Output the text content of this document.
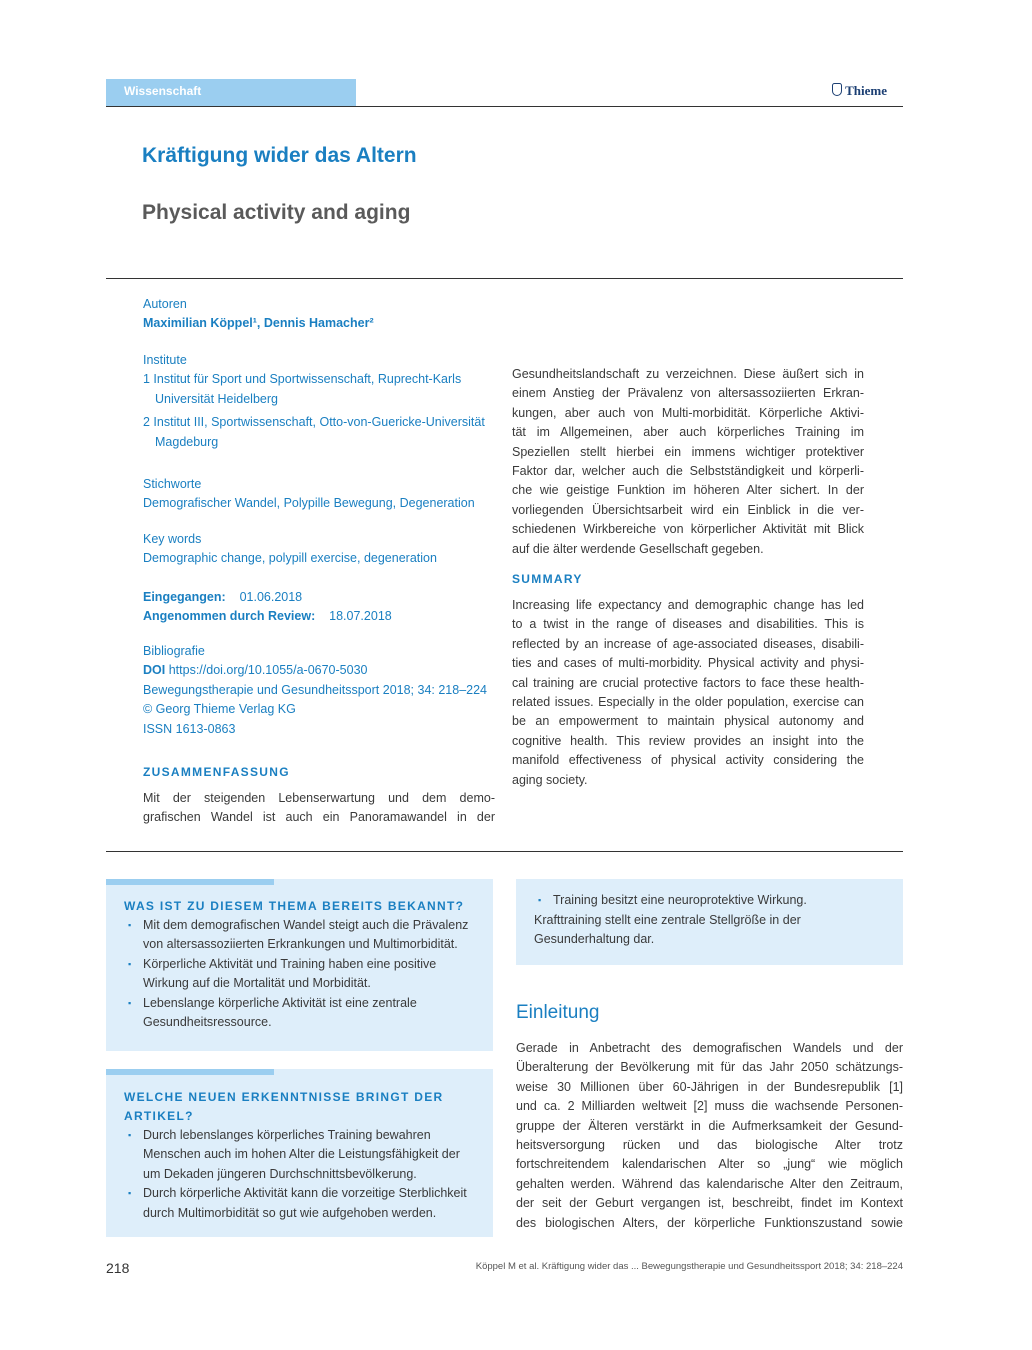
Wissenschaft	Thieme
Kräftigung wider das Altern
Physical activity and aging
Autoren
Maximilian Köppel¹, Dennis Hamacher²
Institute
1 Institut für Sport und Sportwissenschaft, Ruprecht-Karls Universität Heidelberg
2 Institut III, Sportwissenschaft, Otto-von-Guericke-Universität Magdeburg
Stichworte
Demografischer Wandel, Polypille Bewegung, Degeneration
Key words
Demographic change, polypill exercise, degeneration
Eingegangen: 01.06.2018
Angenommen durch Review: 18.07.2018
Bibliografie
DOI https://doi.org/10.1055/a-0670-5030
Bewegungstherapie und Gesundheitssport 2018; 34: 218–224
© Georg Thieme Verlag KG
ISSN 1613-0863
ZUSAMMENFASSUNG
Mit der steigenden Lebenserwartung und dem demo-
grafischen Wandel ist auch ein Panoramawandel in der
Gesundheitslandschaft zu verzeichnen. Diese äußert sich in
einem Anstieg der Prävalenz von altersassoziierten Erkran-
kungen, aber auch von Multi-morbidität. Körperliche Aktivi-
tät im Allgemeinen, aber auch körperliches Training im
Speziellen stellt hierbei ein immens wichtiger protektiver
Faktor dar, welcher auch die Selbstständigkeit und körperli-
che wie geistige Funktion im höheren Alter sichert. In der
vorliegenden Übersichtsarbeit wird ein Einblick in die ver-
schiedenen Wirkbereiche von körperlicher Aktivität mit Blick
auf die älter werdende Gesellschaft gegeben.
SUMMARY
Increasing life expectancy and demographic change has led
to a twist in the range of diseases and disabilities. This is
reflected by an increase of age-associated diseases, disabili-
ties and cases of multi-morbidity. Physical activity and physi-
cal training are crucial protective factors to face these health-
related issues. Especially in the older population, exercise can
be an empowerment to maintain physical autonomy and
cognitive health. This review provides an insight into the
manifold effectiveness of physical activity considering the
aging society.
WAS IST ZU DIESEM THEMA BEREITS BEKANNT?
▪ Mit dem demografischen Wandel steigt auch die Prävalenz von altersassoziierten Erkrankungen und Multimorbidität.
▪ Körperliche Aktivität und Training haben eine positive Wirkung auf die Mortalität und Morbidität.
▪ Lebenslange körperliche Aktivität ist eine zentrale Gesundheitsressource.
WELCHE NEUEN ERKENNTNISSE BRINGT DER ARTIKEL?
▪ Durch lebenslanges körperliches Training bewahren Menschen auch im hohen Alter die Leistungsfähigkeit der um Dekaden jüngeren Durchschnittsbevölkerung.
▪ Durch körperliche Aktivität kann die vorzeitige Sterblichkeit durch Multimorbidität so gut wie aufgehoben werden.
▪ Training besitzt eine neuroprotektive Wirkung.
Krafttraining stellt eine zentrale Stellgröße in der Gesunderhaltung dar.
Einleitung
Gerade in Anbetracht des demografischen Wandels und der
Überalterung der Bevölkerung mit für das Jahr 2050 schätzungs-
weise 30 Millionen über 60-Jährigen in der Bundesrepublik [1]
und ca. 2 Milliarden weltweit [2] muss die wachsende Personen-
gruppe der Älteren verstärkt in die Aufmerksamkeit der Gesund-
heitsversorgung rücken und das biologische Alter trotz
fortschreitendem kalendarischen Alter so „jung“ wie möglich
gehalten werden. Während das kalendarische Alter den Zeitraum,
der seit der Geburt vergangen ist, beschreibt, findet im Kontext
des biologischen Alters, der körperliche Funktionszustand sowie
218	Köppel M et al. Kräftigung wider das ... Bewegungstherapie und Gesundheitssport 2018; 34: 218–224
